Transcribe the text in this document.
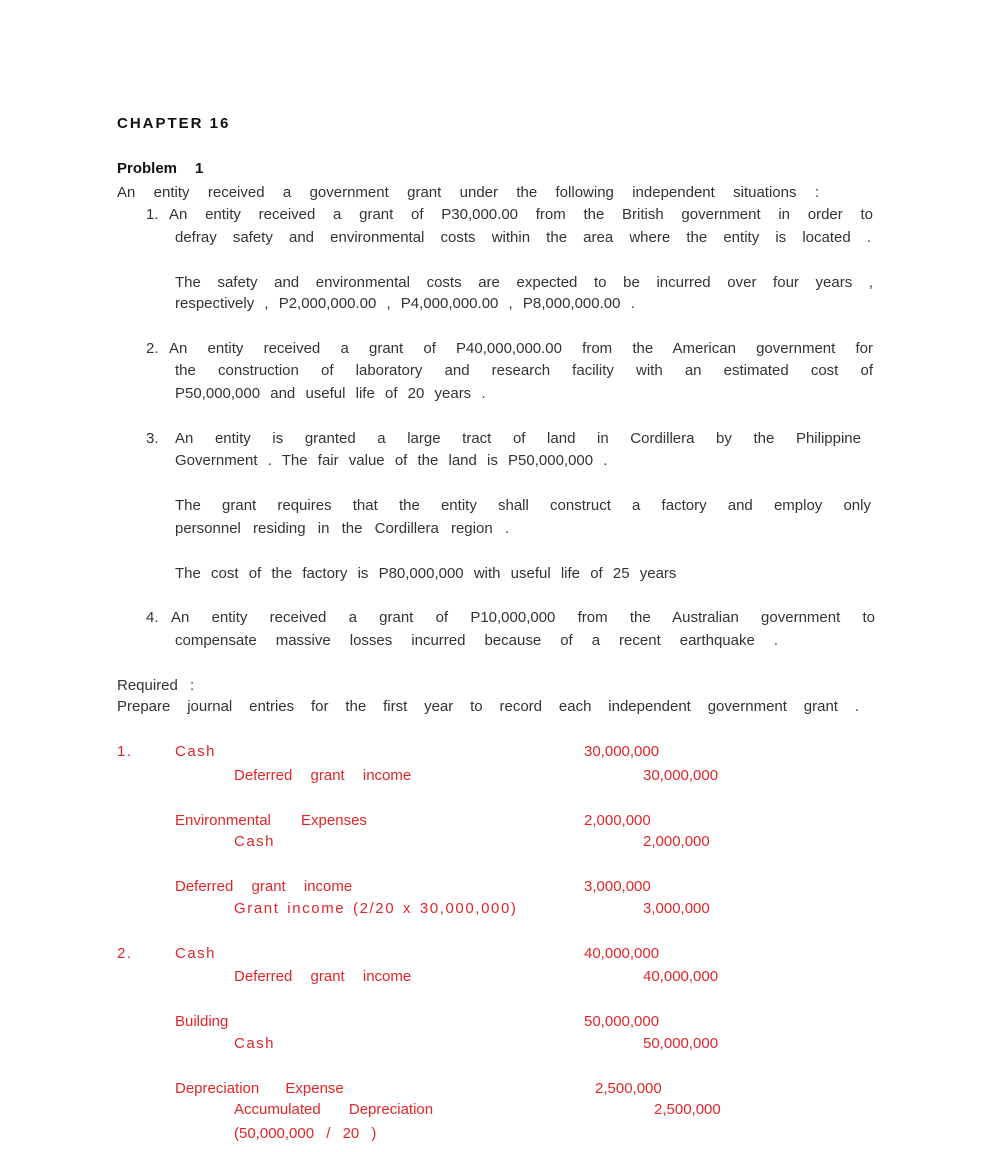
CHAPTER 16
Problem 1
An entity received a government grant under the following independent situations :
1. An entity received a grant of P30,000.00 from the British government in order to
defray safety and environmental costs within the area where the entity is located .
The safety and environmental costs are expected to be incurred over four years ,
respectively , P2,000,000.00 , P4,000,000.00 , P8,000,000.00 .
2. An entity received a grant of P40,000,000.00 from the American government for
the construction of laboratory and research facility with an estimated cost of
P50,000,000 and useful life of 20 years .
3. An entity is granted a large tract of land in Cordillera by the Philippine
Government . The fair value of the land is P50,000,000 .
The grant requires that the entity shall construct a factory and employ only
personnel residing in the Cordillera region .
The cost of the factory is P80,000,000 with useful life of 25 years
4. An entity received a grant of P10,000,000 from the Australian government to
compensate massive losses incurred because of a recent earthquake .
Required :
Prepare journal entries for the first year to record each independent government grant .
1.	Cash	30,000,000
Deferred grant income	30,000,000
Environmental Expenses	2,000,000
Cash	2,000,000
Deferred grant income	3,000,000
Grant income (2/20 x 30,000,000)	3,000,000
2.	Cash	40,000,000
Deferred grant income	40,000,000
Building	50,000,000
Cash	50,000,000
Depreciation Expense	2,500,000
Accumulated Depreciation	2,500,000
(50,000,000 / 20 )
